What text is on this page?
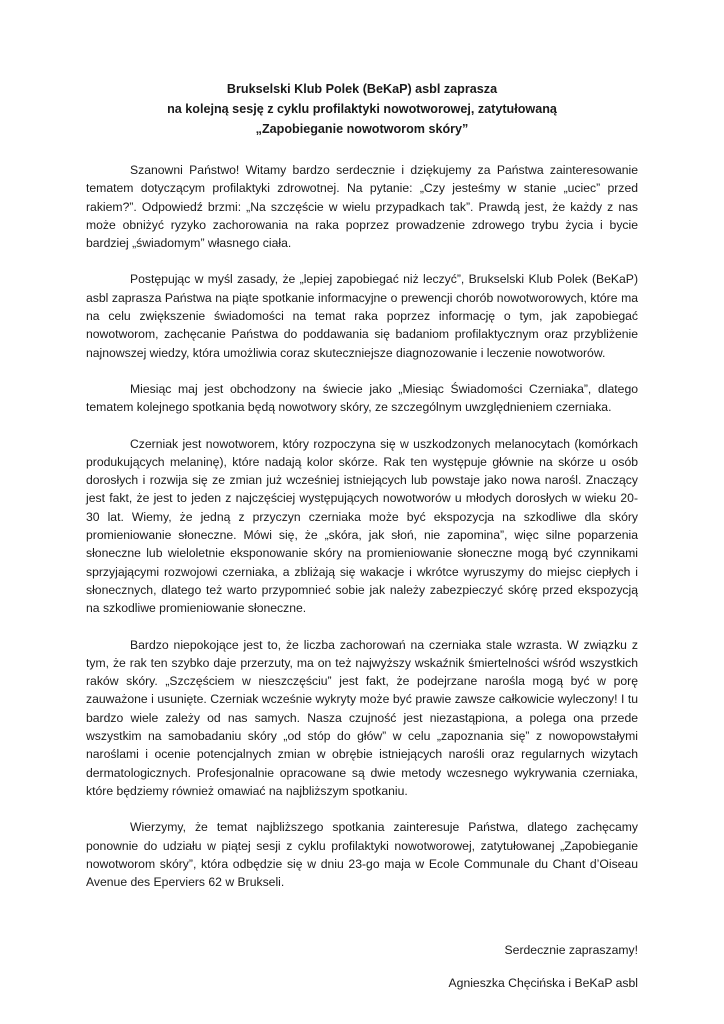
Brukselski Klub Polek (BeKaP) asbl zaprasza
na kolejną sesję z cyklu profilaktyki nowotworowej, zatytułowaną
„Zapobieganie nowotworom skóry”

Szanowni Państwo! Witamy bardzo serdecznie i dziękujemy za Państwa zainteresowanie tematem dotyczącym profilaktyki zdrowotnej. Na pytanie: „Czy jesteśmy w stanie „uciec” przed rakiem?”. Odpowiedź brzmi: „Na szczęście w wielu przypadkach tak”. Prawdą jest, że każdy z nas może obniżyć ryzyko zachorowania na raka poprzez prowadzenie zdrowego trybu życia i bycie bardziej „świadomym” własnego ciała.

Postępując w myśl zasady, że „lepiej zapobiegać niż leczyć”, Brukselski Klub Polek (BeKaP) asbl zaprasza Państwa na piąte spotkanie informacyjne o prewencji chorób nowotworowych, które ma na celu zwiększenie świadomości na temat raka poprzez informację o tym, jak zapobiegać nowotworom, zachęcanie Państwa do poddawania się badaniom profilaktycznym oraz przybliżenie najnowszej wiedzy, która umożliwia coraz skuteczniejsze diagnozowanie i leczenie nowotworów.

Miesiąc maj jest obchodzony na świecie jako „Miesiąc Świadomości Czerniaka”, dlatego tematem kolejnego spotkania będą nowotwory skóry, ze szczególnym uwzględnieniem czerniaka.

Czerniak jest nowotworem, który rozpoczyna się w uszkodzonych melanocytach (komórkach produkujących melaninę), które nadają kolor skórze. Rak ten występuje głównie na skórze u osób dorosłych i rozwija się ze zmian już wcześniej istniejących lub powstaje jako nowa narośl. Znaczący jest fakt, że jest to jeden z najczęściej występujących nowotworów u młodych dorosłych w wieku 20-30 lat. Wiemy, że jedną z przyczyn czerniaka może być ekspozycja na szkodliwe dla skóry promieniowanie słoneczne. Mówi się, że „skóra, jak słoń, nie zapomina”, więc silne poparzenia słoneczne lub wieloletnie eksponowanie skóry na promieniowanie słoneczne mogą być czynnikami sprzyjającymi rozwojowi czerniaka, a zbliżają się wakacje i wkrótce wyruszymy do miejsc ciepłych i słonecznych, dlatego też warto przypomnieć sobie jak należy zabezpieczyć skórę przed ekspozycją na szkodliwe promieniowanie słoneczne.

Bardzo niepokojące jest to, że liczba zachorowań na czerniaka stale wzrasta. W związku z tym, że rak ten szybko daje przerzuty, ma on też najwyższy wskaźnik śmiertelności wśród wszystkich raków skóry. „Szczęściem w nieszczęściu” jest fakt, że podejrzane narośla mogą być w porę zauważone i usunięte. Czerniak wcześnie wykryty może być prawie zawsze całkowicie wyleczony! I tu bardzo wiele zależy od nas samych. Nasza czujność jest niezastąpiona, a polega ona przede wszystkim na samobadaniu skóry „od stóp do głów” w celu „zapoznania się” z nowopowstałymi naroślami i ocenie potencjalnych zmian w obrębie istniejących narośli oraz regularnych wizytach dermatologicznych. Profesjonalnie opracowane są dwie metody wczesnego wykrywania czerniaka, które będziemy również omawiać na najbliższym spotkaniu.

Wierzymy, że temat najbliższego spotkania zainteresuje Państwa, dlatego zachęcamy ponownie do udziału w piątej sesji z cyklu profilaktyki nowotworowej, zatytułowanej „Zapobieganie nowotworom skóry”, która odbędzie się w dniu 23-go maja w Ecole Communale du Chant d’Oiseau Avenue des Eperviers 62 w Brukseli.

Serdecznie zapraszamy!

Agnieszka Chęcińska i BeKaP asbl
